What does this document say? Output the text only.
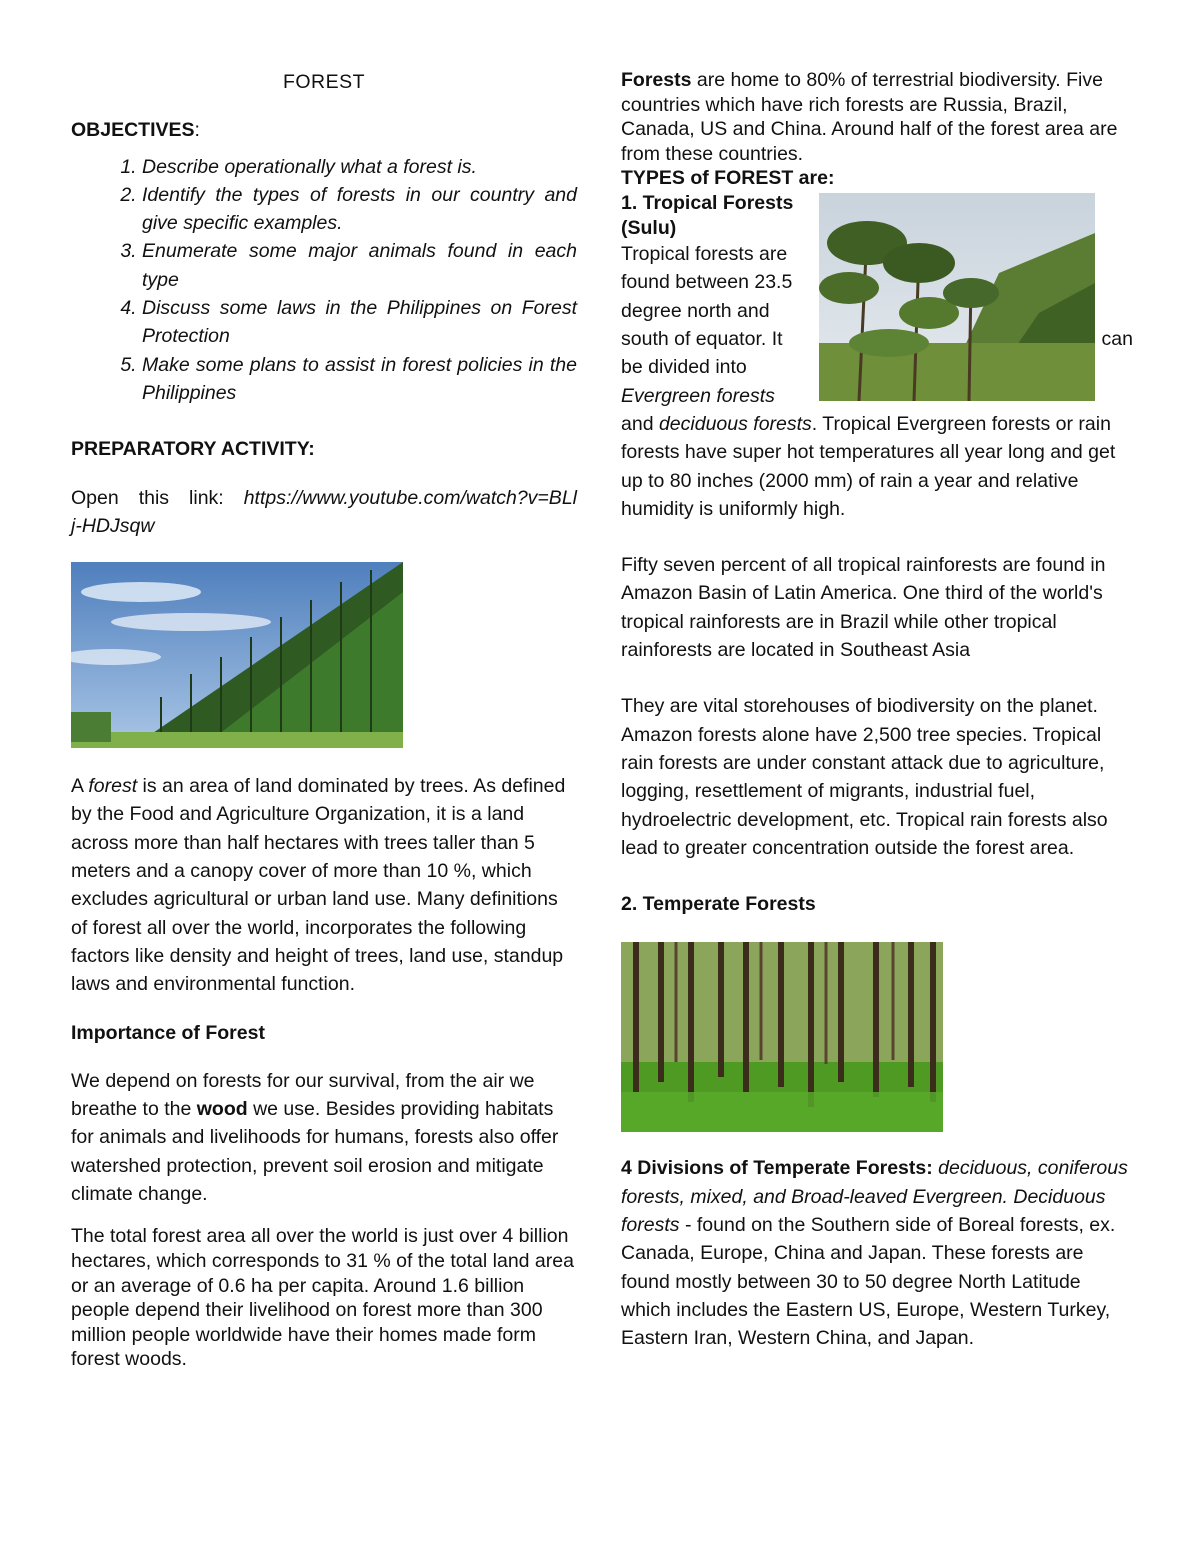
FOREST

OBJECTIVES:

1. Describe operationally what a forest is.
2. Identify the types of forests in our country and give specific examples.
3. Enumerate some major animals found in each type
4. Discuss some laws in the Philippines on Forest Protection
5. Make some plans to assist in forest policies in the Philippines

PREPARATORY ACTIVITY:

Open this link: https://www.youtube.com/watch?v=BLlj-HDJsqw

A forest is an area of land dominated by trees. As defined by the Food and Agriculture Organization, it is a land across more than half hectares with trees taller than 5 meters and a canopy cover of more than 10 %, which excludes agricultural or urban land use. Many definitions of forest all over the world, incorporates the following factors like density and height of trees, land use, standup laws and environmental function.

Importance of Forest

We depend on forests for our survival, from the air we breathe to the wood we use. Besides providing habitats for animals and livelihoods for humans, forests also offer watershed protection, prevent soil erosion and mitigate climate change.

The total forest area all over the world is just over 4 billion hectares, which corresponds to 31 % of the total land area or an average of 0.6 ha per capita. Around 1.6 billion people depend their livelihood on forest more than 300 million people worldwide have their homes made form forest woods.

Forests are home to 80% of terrestrial biodiversity. Five countries which have rich forests are Russia, Brazil, Canada, US and China. Around half of the forest area are from these countries.

TYPES of FOREST are:

1. Tropical Forests (Sulu)

Tropical forests are found between 23.5 degree north and south of equator. It	can

be divided into

Evergreen forests

and deciduous forests. Tropical Evergreen forests or rain forests have super hot temperatures all year long and get up to 80 inches (2000 mm) of rain a year and relative humidity is uniformly high.

Fifty seven percent of all tropical rainforests are found in Amazon Basin of Latin America. One third of the world's tropical rainforests are in Brazil while other tropical rainforests are located in Southeast Asia

They are vital storehouses of biodiversity on the planet. Amazon forests alone have 2,500 tree species. Tropical rain forests are under constant attack due to agriculture, logging, resettlement of migrants, industrial fuel, hydroelectric development, etc. Tropical rain forests also lead to greater concentration outside the forest area.

2. Temperate Forests

4 Divisions of Temperate Forests: deciduous, coniferous forests, mixed, and Broad-leaved Evergreen. Deciduous forests - found on the Southern side of Boreal forests, ex. Canada, Europe, China and Japan. These forests are found mostly between 30 to 50 degree North Latitude which includes the Eastern US, Europe, Western Turkey, Eastern Iran, Western China, and Japan.
